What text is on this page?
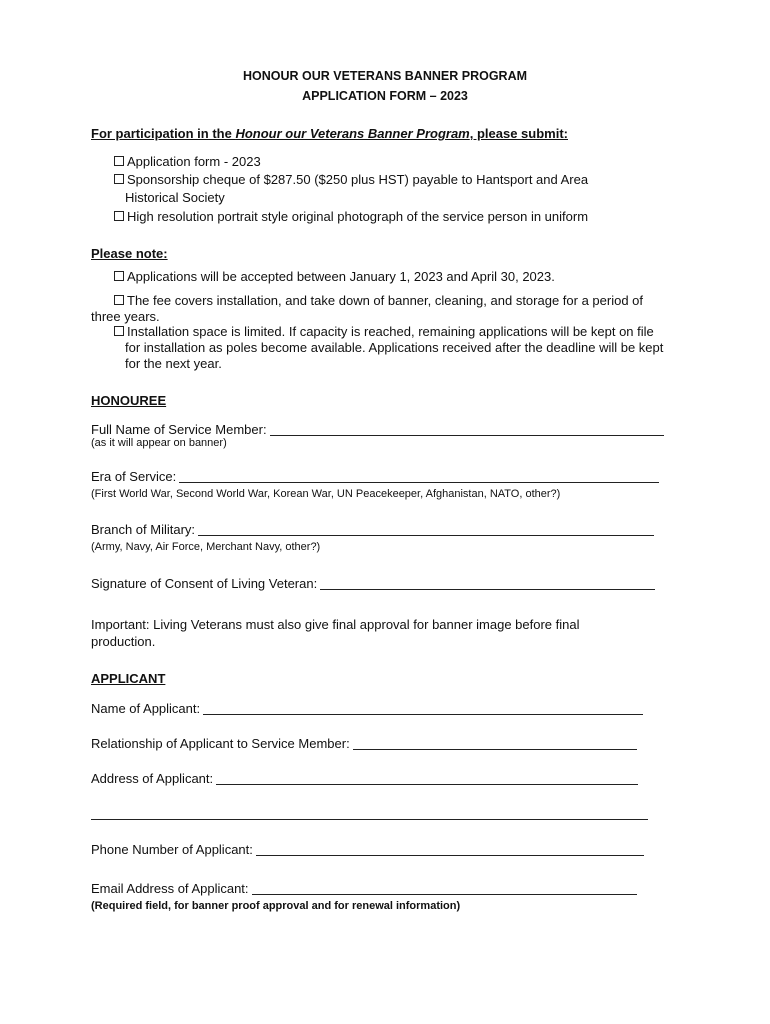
HONOUR OUR VETERANS BANNER PROGRAM
APPLICATION FORM – 2023
For participation in the Honour our Veterans Banner Program, please submit:
Application form - 2023
Sponsorship cheque of $287.50 ($250 plus HST) payable to Hantsport and Area
Historical Society
High resolution portrait style original photograph of the service person in uniform
Please note:
Applications will be accepted between January 1, 2023 and April 30, 2023.
The fee covers installation, and take down of banner, cleaning, and storage for a period of
three years.
Installation space is limited. If capacity is reached, remaining applications will be kept on file
for installation as poles become available. Applications received after the deadline will be kept
for the next year.
HONOUREE
Full Name of Service Member:
(as it will appear on banner)
Era of Service:
(First World War, Second World War, Korean War, UN Peacekeeper, Afghanistan, NATO, other?)
Branch of Military:
(Army, Navy, Air Force, Merchant Navy, other?)
Signature of Consent of Living Veteran:
Important: Living Veterans must also give final approval for banner image before final
production.
APPLICANT
Name of Applicant:
Relationship of Applicant to Service Member:
Address of Applicant:
Phone Number of Applicant:
Email Address of Applicant:
(Required field, for banner proof approval and for renewal information)
